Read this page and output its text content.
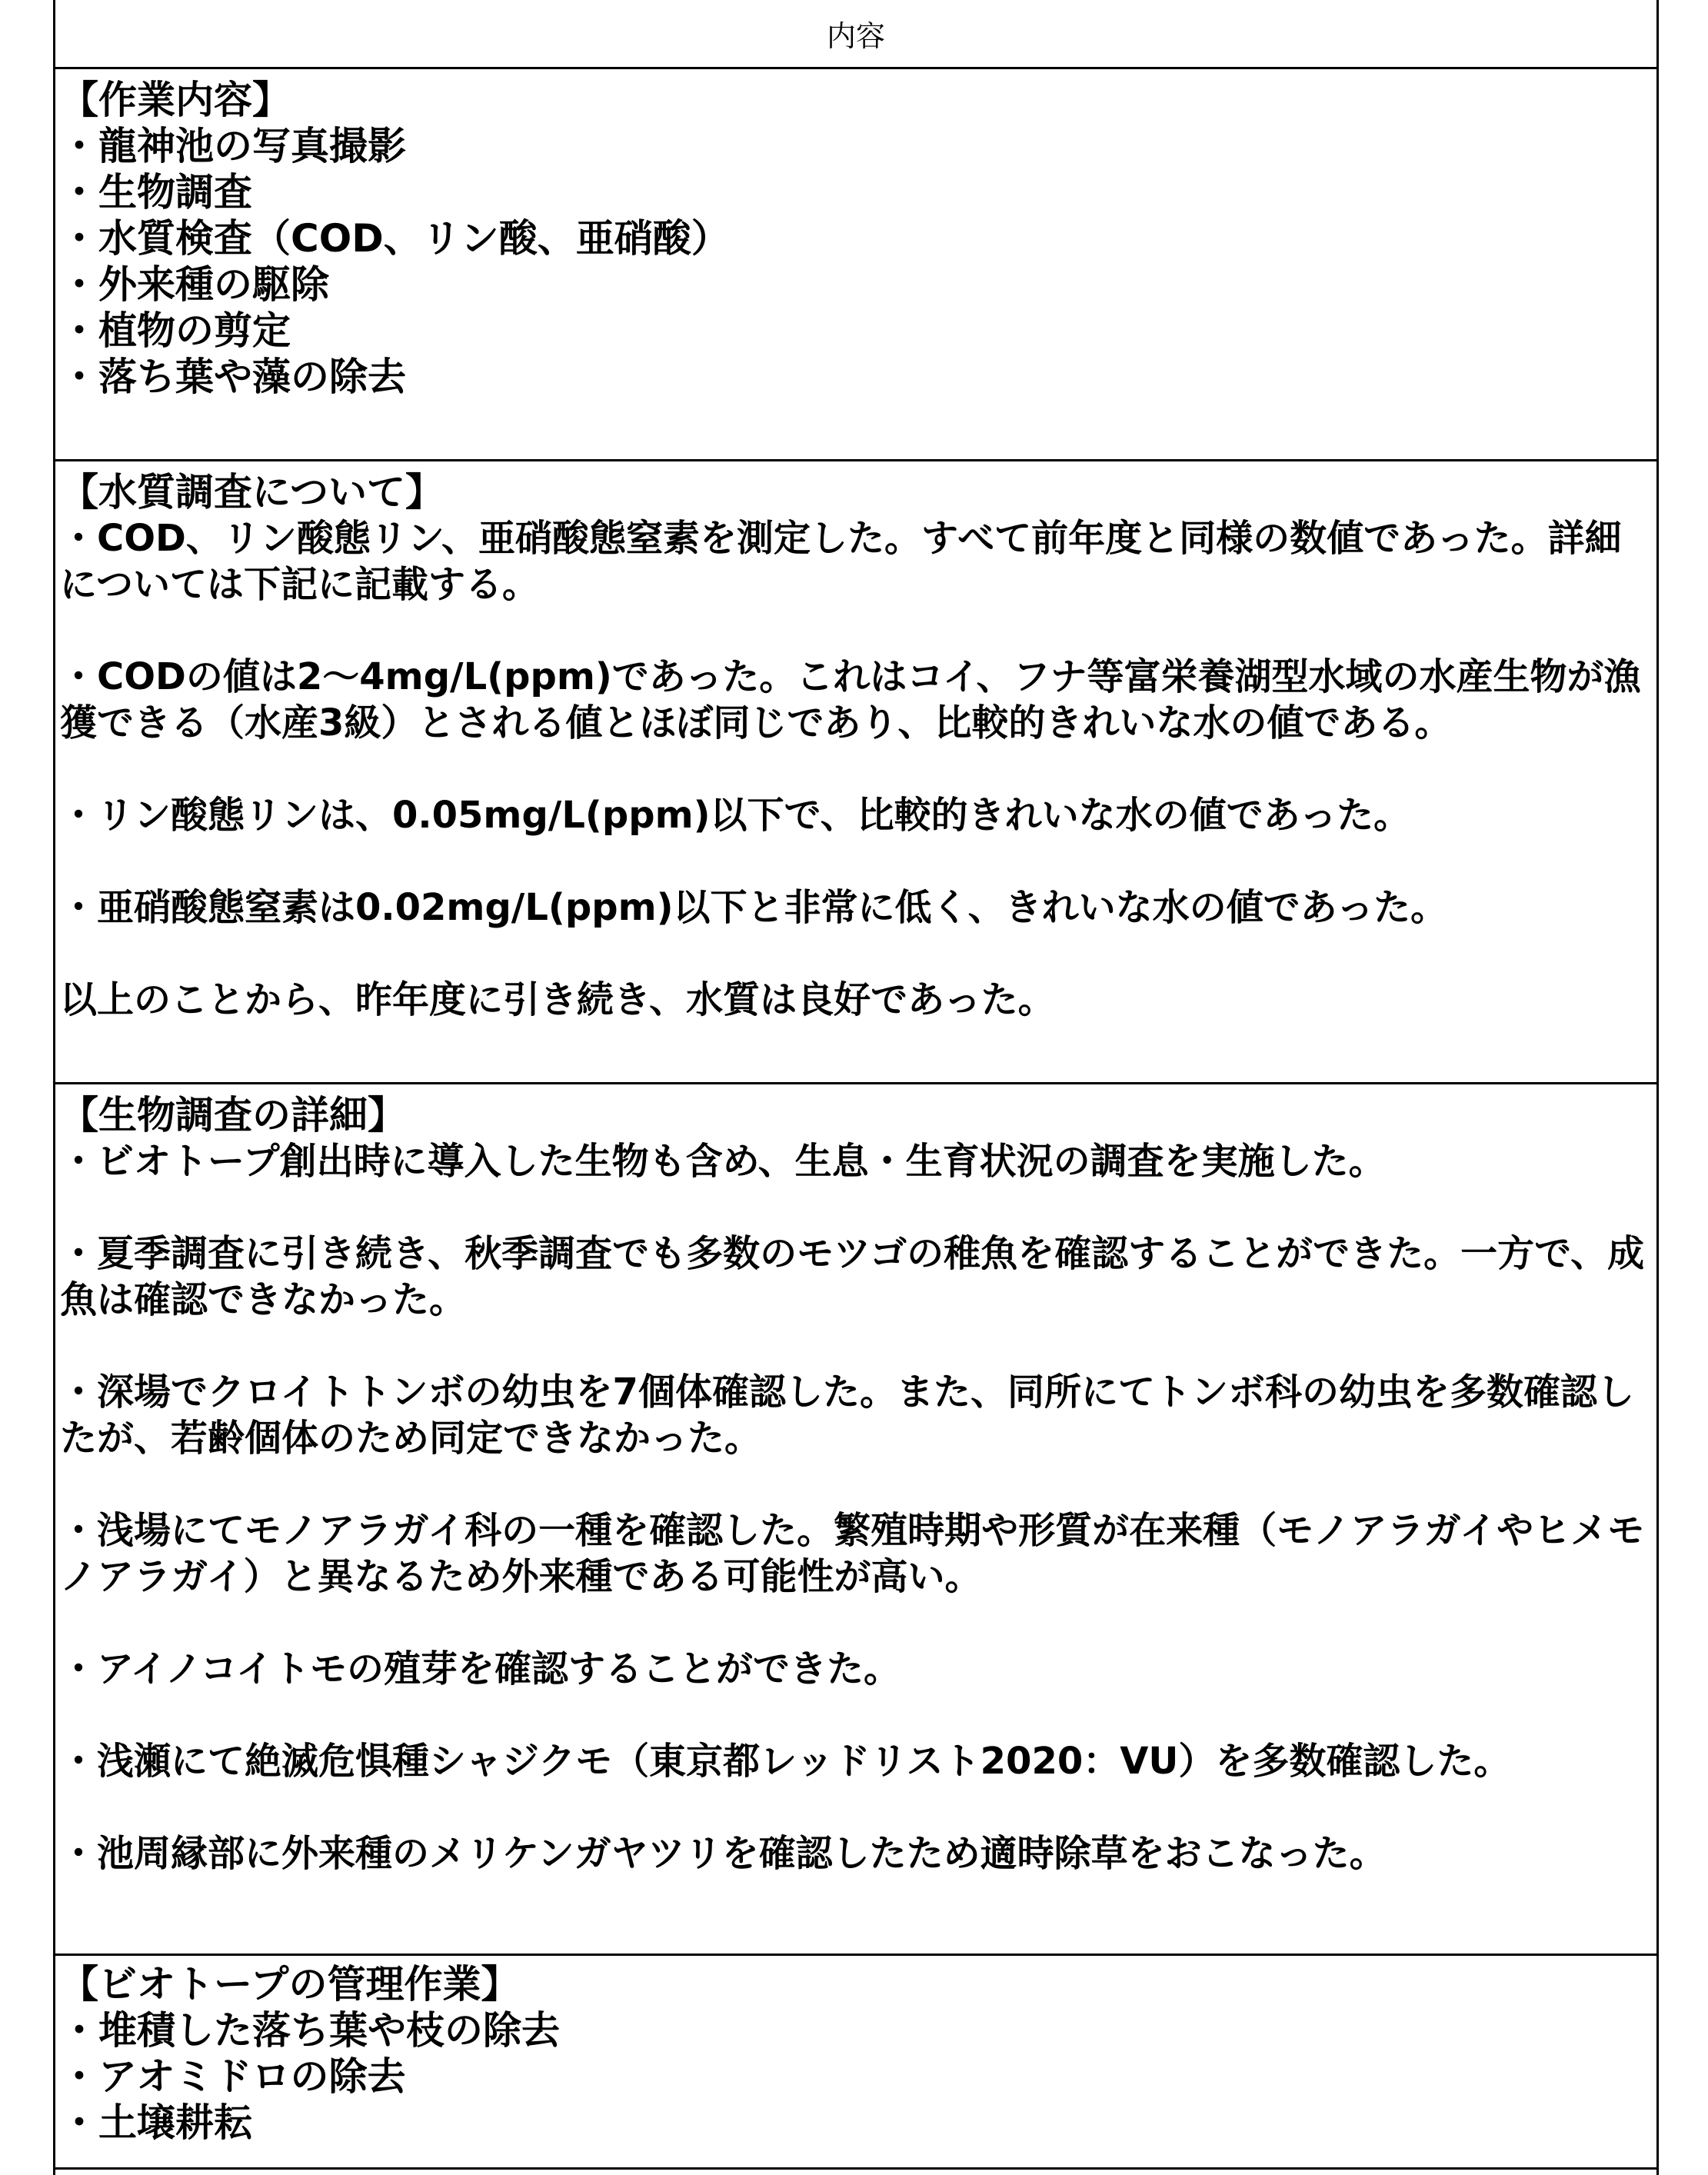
内容
【作業内容】
・龍神池の写真撮影
・生物調査
・水質検査（COD、リン酸、亜硝酸）
・外来種の駆除
・植物の剪定
・落ち葉や藻の除去
【水質調査について】

・COD、リン酸態リン、亜硝酸態窒素を測定した。すべて前年度と同様の数値であった。詳細については下記に記載する。

・CODの値は2～4mg/L(ppm)であった。これはコイ、フナ等富栄養湖型水域の水産生物が漁獲できる（水産3級）とされる値とほぼ同じであり、比較的きれいな水の値である。

・リン酸態リンは、0.05mg/L(ppm)以下で、比較的きれいな水の値であった。

・亜硝酸態窒素は0.02mg/L(ppm)以下と非常に低く、きれいな水の値であった。

以上のことから、昨年度に引き続き、水質は良好であった。

【生物調査の詳細】

・ビオトープ創出時に導入した生物も含め、生息・生育状況の調査を実施した。

・夏季調査に引き続き、秋季調査でも多数のモツゴの稚魚を確認することができた。一方で、成魚は確認できなかった。

・深場でクロイトトンボの幼虫を7個体確認した。また、同所にてトンボ科の幼虫を多数確認したが、若齢個体のため同定できなかった。

・浅場にてモノアラガイ科の一種を確認した。繁殖時期や形質が在来種（モノアラガイやヒメモノアラガイ）と異なるため外来種である可能性が高い。

・アイノコイトモの殖芽を確認することができた。

・浅瀬にて絶滅危惧種シャジクモ（東京都レッドリスト2020：VU）を多数確認した。

・池周縁部に外来種のメリケンガヤツリを確認したため適時除草をおこなった。

【ビオトープの管理作業】
・堆積した落ち葉や枝の除去
・アオミドロの除去
・土壌耕耘
